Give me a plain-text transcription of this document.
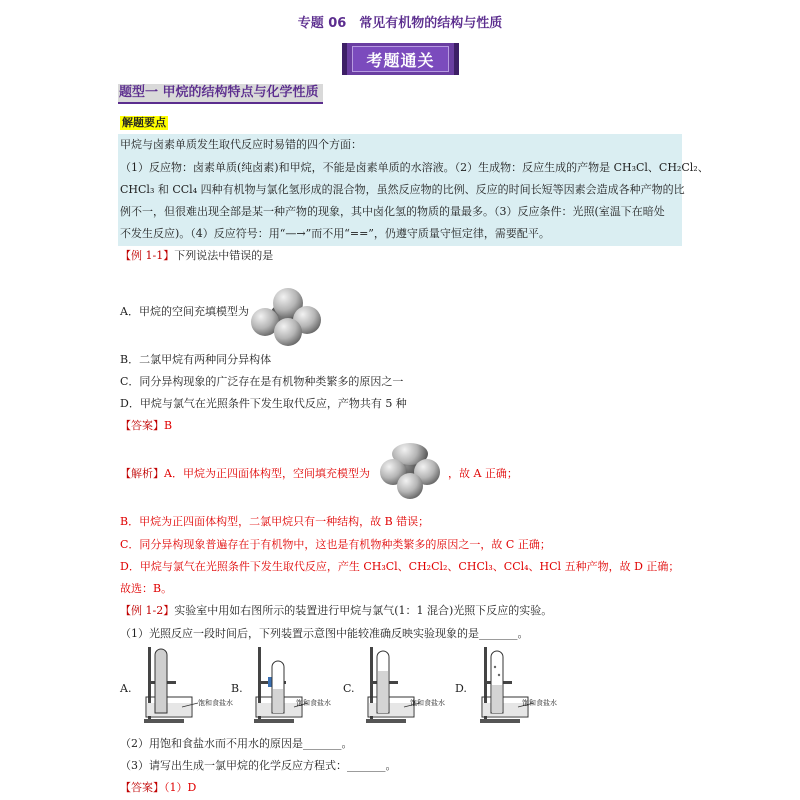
专题 06　常见有机物的结构与性质
考题通关
题型一 甲烷的结构特点与化学性质
解题要点
甲烷与卤素单质发生取代反应时易错的四个方面：
（1）反应物：卤素单质(纯卤素)和甲烷，不能是卤素单质的水溶液。（2）生成物：反应生成的产物是 CH₃Cl、CH₂Cl₂、
CHCl₃ 和 CCl₄ 四种有机物与氯化氢形成的混合物，虽然反应物的比例、反应的时间长短等因素会造成各种产物的比
例不一，但很难出现全部是某一种产物的现象，其中卤化氢的物质的量最多。（3）反应条件：光照(室温下在暗处
不发生反应)。（4）反应符号：用“—→”而不用“==”，仍遵守质量守恒定律，需要配平。
【例 1-1】下列说法中错误的是
A．甲烷的空间充填模型为
B．二氯甲烷有两种同分异构体
C．同分异构现象的广泛存在是有机物种类繁多的原因之一
D．甲烷与氯气在光照条件下发生取代反应，产物共有 5 种
【答案】B
【解析】A．甲烷为正四面体构型，空间填充模型为	，故 A 正确；
B．甲烷为正四面体构型，二氯甲烷只有一种结构，故 B 错误；
C．同分异构现象普遍存在于有机物中，这也是有机物种类繁多的原因之一，故 C 正确；
D．甲烷与氯气在光照条件下发生取代反应，产生 CH₃Cl、CH₂Cl₂、CHCl₃、CCl₄、HCl 五种产物，故 D 正确；
故选：B。
【例 1-2】实验室中用如右图所示的装置进行甲烷与氯气(1：1 混合)光照下反应的实验。
（1）光照反应一段时间后，下列装置示意图中能较准确反映实验现象的是_______。
A.
饱和食盐水
B.
饱和食盐水
C.
饱和食盐水
D.
饱和食盐水
（2）用饱和食盐水而不用水的原因是_______。
（3）请写出生成一氯甲烷的化学反应方程式：_______。
【答案】（1）D
